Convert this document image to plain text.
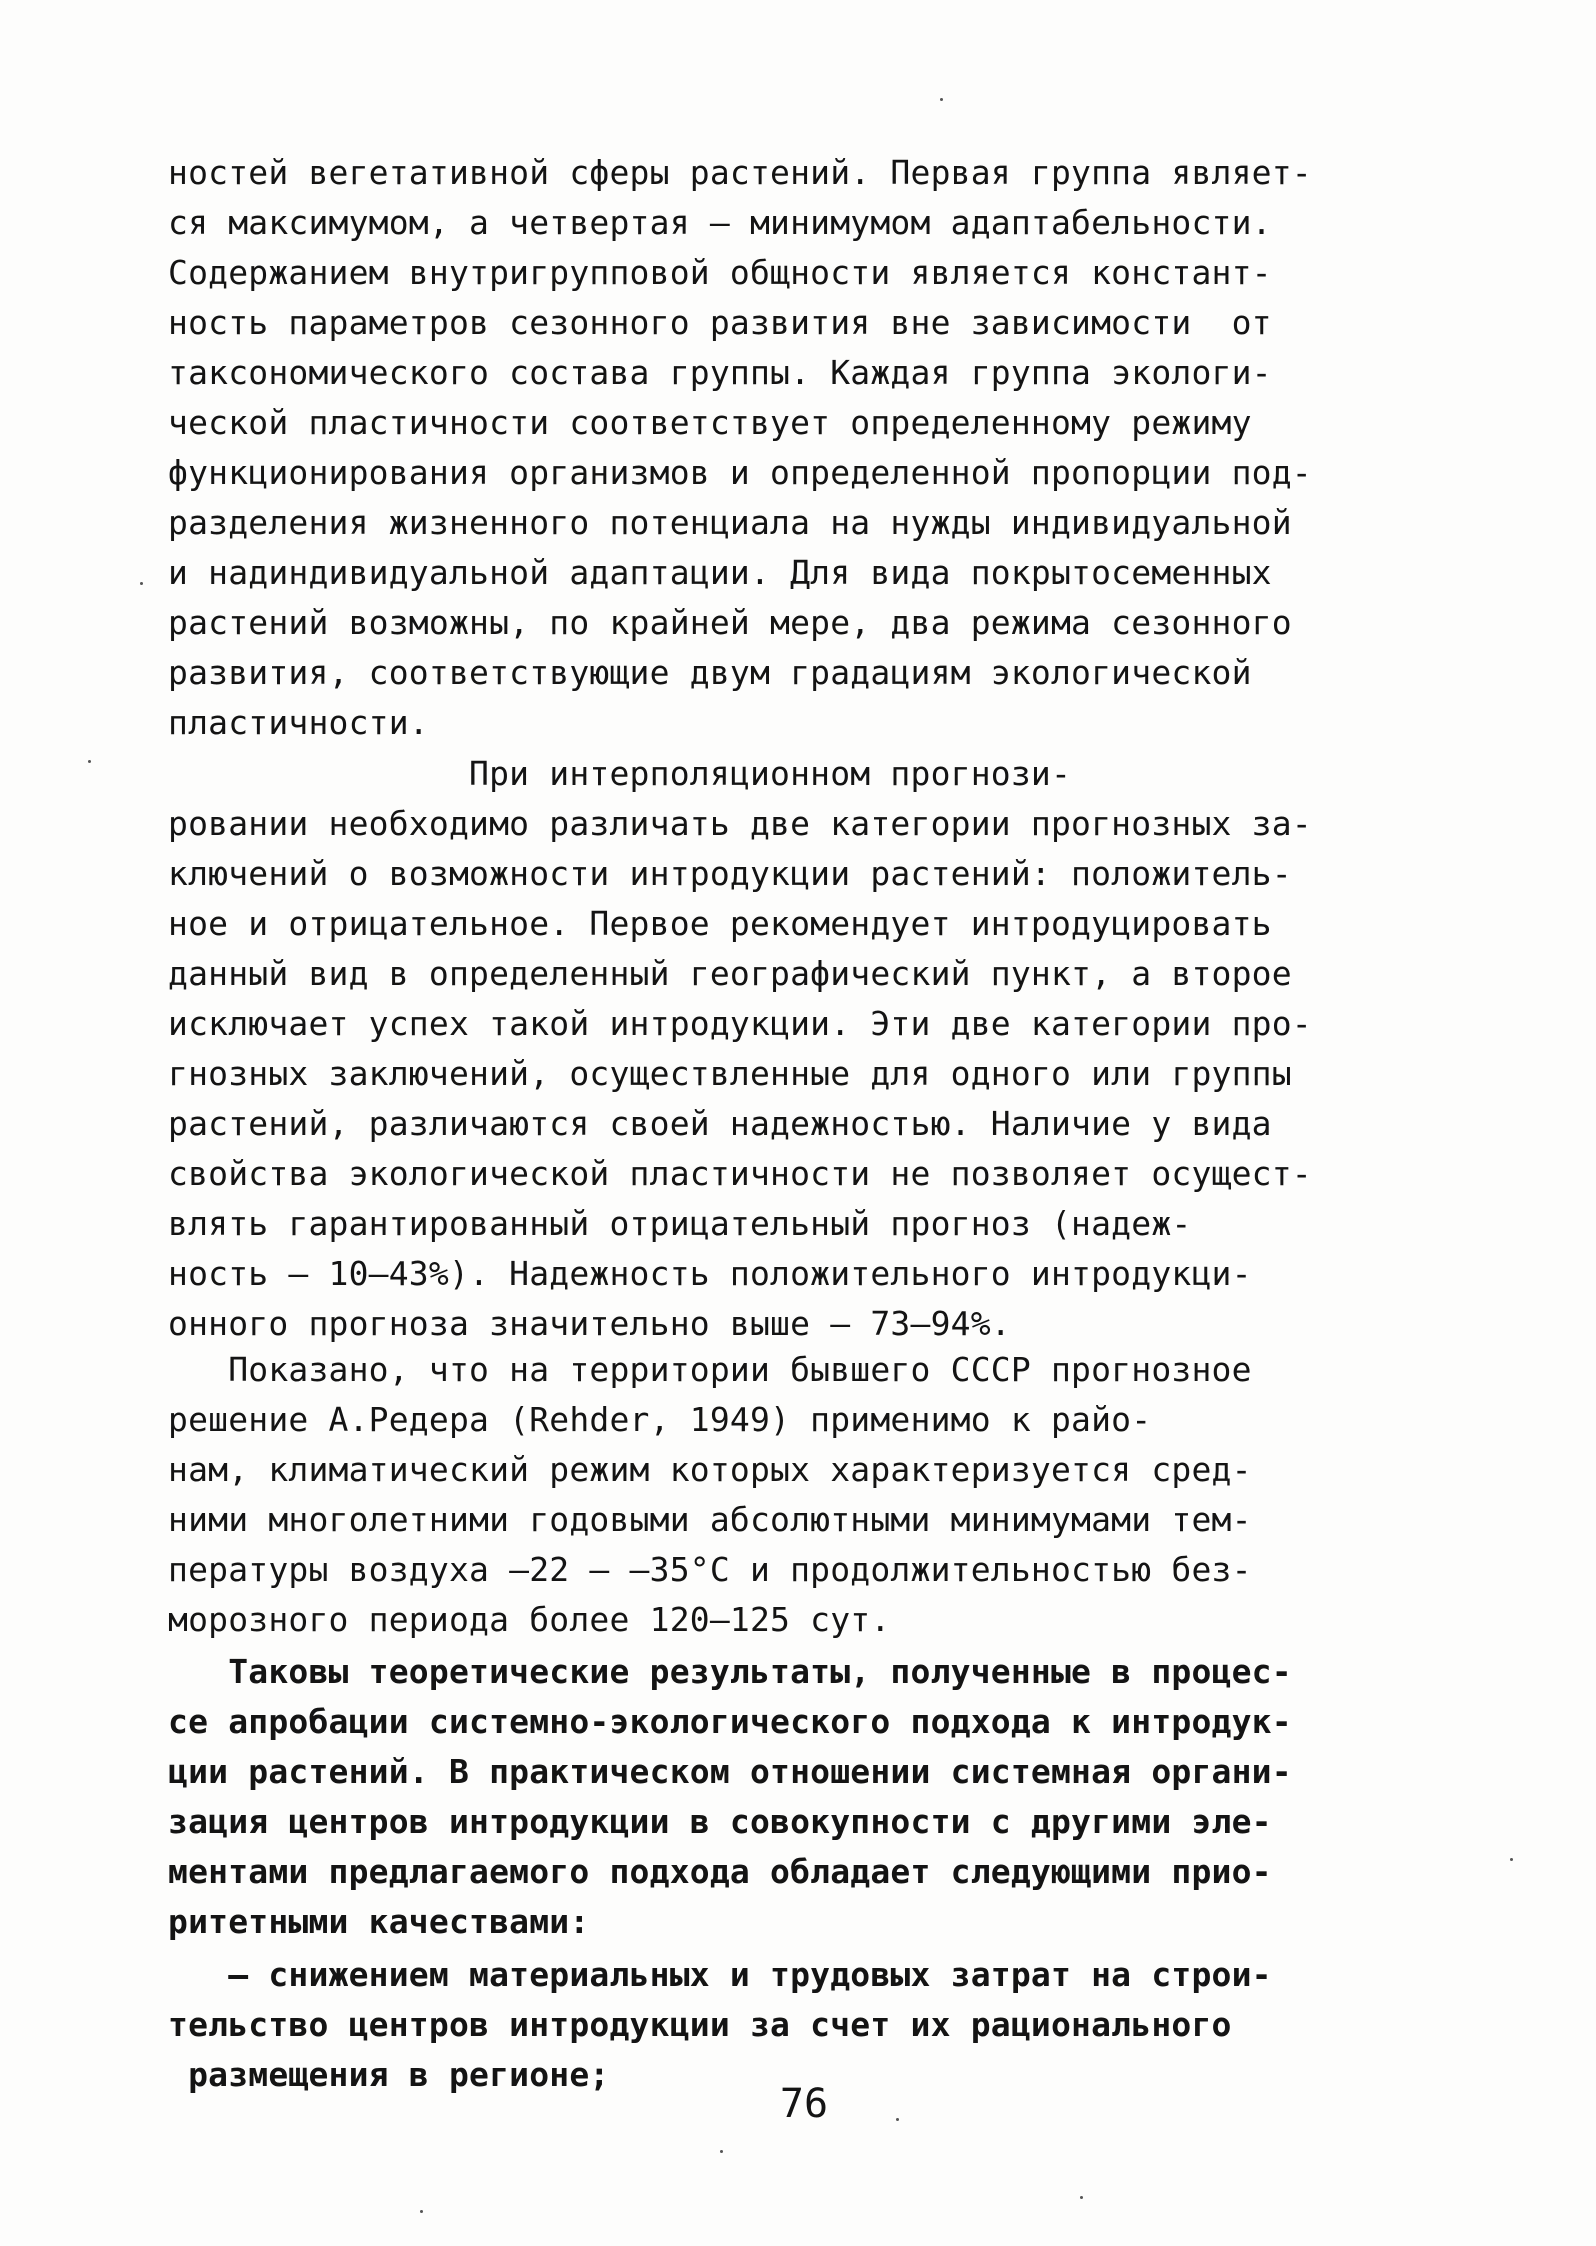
ностей вегетативной сферы растений. Первая группа являет-
ся максимумом, а четвертая – минимумом адаптабельности.
Содержанием внутригрупповой общности является констант-
ность параметров сезонного развития вне зависимости  от
таксономического состава группы. Каждая группа экологи-
ческой пластичности соответствует определенному режиму
функционирования организмов и определенной пропорции под-
разделения жизненного потенциала на нужды индивидуальной
и надиндивидуальной адаптации. Для вида покрытосеменных
растений возможны, по крайней мере, два режима сезонного
развития, соответствующие двум градациям экологической
пластичности.
При интерполяционном прогнози-
ровании необходимо различать две категории прогнозных за-
ключений о возможности интродукции растений: положитель-
ное и отрицательное. Первое рекомендует интродуцировать
данный вид в определенный географический пункт, а второе
исключает успех такой интродукции. Эти две категории про-
гнозных заключений, осуществленные для одного или группы
растений, различаются своей надежностью. Наличие у вида
свойства экологической пластичности не позволяет осущест-
влять гарантированный отрицательный прогноз (надеж-
ность – 10–43%). Надежность положительного интродукци-
онного прогноза значительно выше – 73–94%.
Показано, что на территории бывшего СССР прогнозное
решение А.Редера (Rehder, 1949) применимо к райо-
нам, климатический режим которых характеризуется сред-
ними многолетними годовыми абсолютными минимумами тем-
пературы воздуха –22 – –35°С и продолжительностью без-
морозного периода более 120–125 сут.
Таковы теоретические результаты, полученные в процес-
се апробации системно-экологического подхода к интродук-
ции растений. В практическом отношении системная органи-
зация центров интродукции в совокупности с другими эле-
ментами предлагаемого подхода обладает следующими прио-
ритетными качествами:
– снижением материальных и трудовых затрат на строи-
тельство центров интродукции за счет их рационального
размещения в регионе;
76
